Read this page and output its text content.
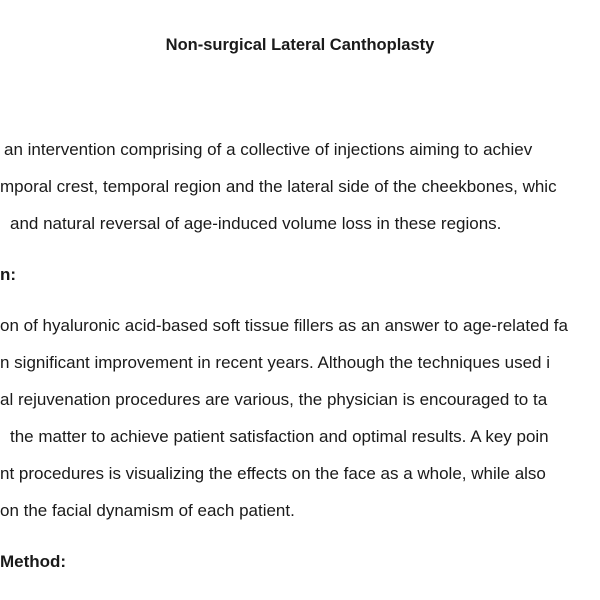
Non-surgical Lateral Canthoplasty
an intervention comprising of a collective of injections aiming to achiev
mporal crest, temporal region and the lateral side of the cheekbones, whic
and natural reversal of age-induced volume loss in these regions.
n:
on of hyaluronic acid-based soft tissue fillers as an answer to age-related fa
n significant improvement in recent years. Although the techniques used i
al rejuvenation procedures are various, the physician is encouraged to ta
the matter to achieve patient satisfaction and optimal results. A key poin
nt procedures is visualizing the effects on the face as a whole, while also
on the facial dynamism of each patient.
Method:
